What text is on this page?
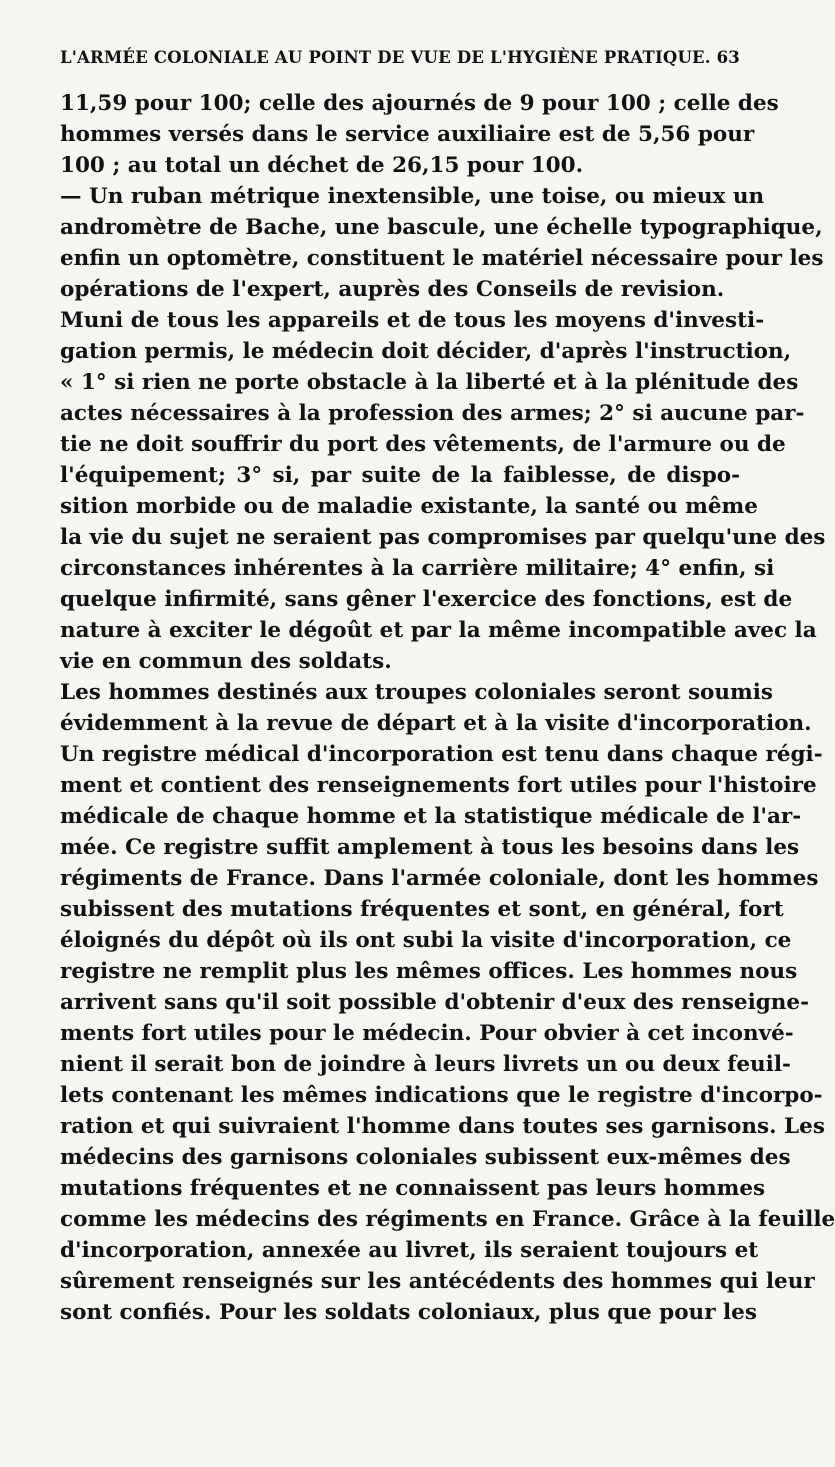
L'ARMÉE COLONIALE AU POINT DE VUE DE L'HYGIÈNE PRATIQUE. 63
11,59 pour 100; celle des ajournés de 9 pour 100 ; celle des
hommes versés dans le service auxiliaire est de 5,56 pour
100 ; au total un déchet de 26,15 pour 100.
— Un ruban métrique inextensible, une toise, ou mieux un
andromètre de Bache, une bascule, une échelle typographique,
enfin un optomètre, constituent le matériel nécessaire pour les
opérations de l'expert, auprès des Conseils de revision.
Muni de tous les appareils et de tous les moyens d'investi-
gation permis, le médecin doit décider, d'après l'instruction,
« 1° si rien ne porte obstacle à la liberté et à la plénitude des
actes nécessaires à la profession des armes; 2° si aucune par-
tie ne doit souffrir du port des vêtements, de l'armure ou de
l'équipement; 3° si, par suite de la faiblesse, de dispo-
sition morbide ou de maladie existante, la santé ou même
la vie du sujet ne seraient pas compromises par quelqu'une des
circonstances inhérentes à la carrière militaire; 4° enfin, si
quelque infirmité, sans gêner l'exercice des fonctions, est de
nature à exciter le dégoût et par la même incompatible avec la
vie en commun des soldats.
Les hommes destinés aux troupes coloniales seront soumis
évidemment à la revue de départ et à la visite d'incorporation.
Un registre médical d'incorporation est tenu dans chaque régi-
ment et contient des renseignements fort utiles pour l'histoire
médicale de chaque homme et la statistique médicale de l'ar-
mée. Ce registre suffit amplement à tous les besoins dans les
régiments de France. Dans l'armée coloniale, dont les hommes
subissent des mutations fréquentes et sont, en général, fort
éloignés du dépôt où ils ont subi la visite d'incorporation, ce
registre ne remplit plus les mêmes offices. Les hommes nous
arrivent sans qu'il soit possible d'obtenir d'eux des renseigne-
ments fort utiles pour le médecin. Pour obvier à cet inconvé-
nient il serait bon de joindre à leurs livrets un ou deux feuil-
lets contenant les mêmes indications que le registre d'incorpo-
ration et qui suivraient l'homme dans toutes ses garnisons. Les
médecins des garnisons coloniales subissent eux-mêmes des
mutations fréquentes et ne connaissent pas leurs hommes
comme les médecins des régiments en France. Grâce à la feuille
d'incorporation, annexée au livret, ils seraient toujours et
sûrement renseignés sur les antécédents des hommes qui leur
sont confiés. Pour les soldats coloniaux, plus que pour les
